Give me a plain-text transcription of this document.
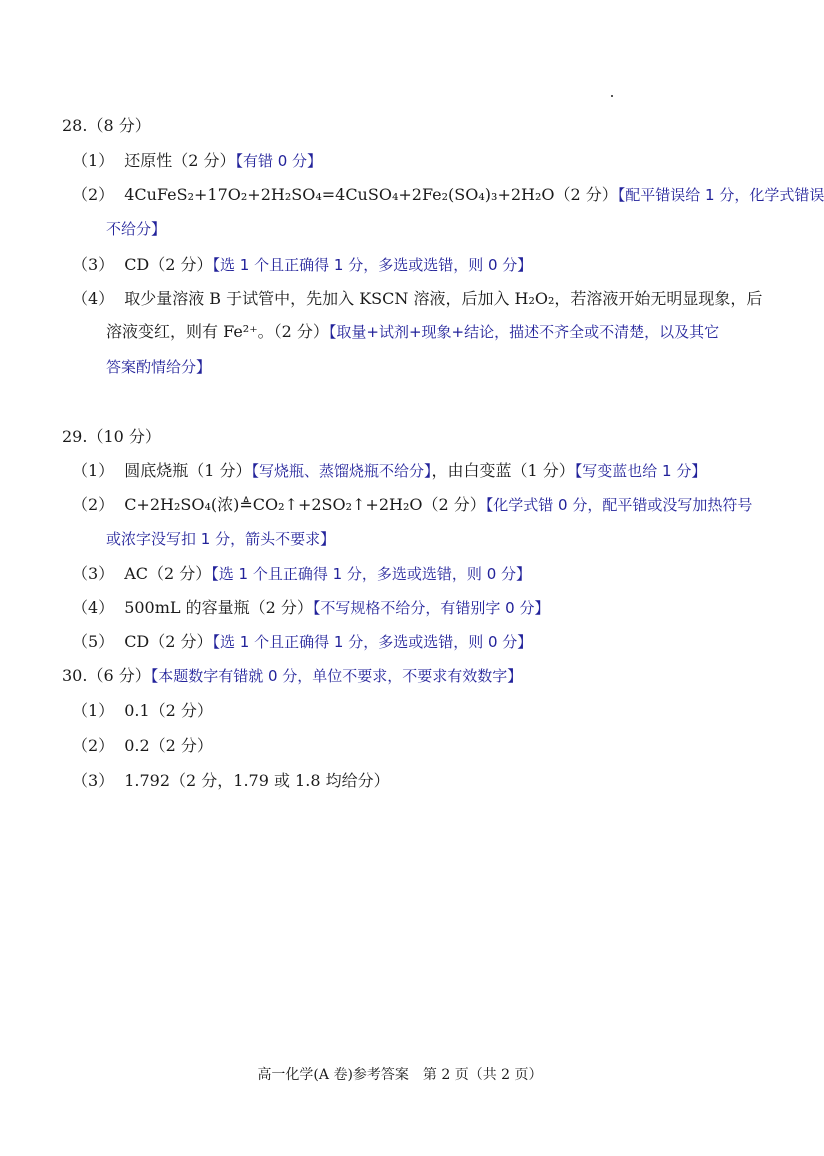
28.（8 分）
（1） 还原性（2 分）【有错 0 分】
（2） 4CuFeS₂+17O₂+2H₂SO₄=4CuSO₄+2Fe₂(SO₄)₃+2H₂O（2 分）【配平错误给 1 分，化学式错误
不给分】
（3） CD（2 分）【选 1 个且正确得 1 分，多选或选错，则 0 分】
（4） 取少量溶液 B 于试管中，先加入 KSCN 溶液，后加入 H₂O₂，若溶液开始无明显现象，后
溶液变红，则有 Fe²⁺。（2 分）【取量+试剂+现象+结论，描述不齐全或不清楚，以及其它
答案酌情给分】
29.（10 分）
（1） 圆底烧瓶（1 分）【写烧瓶、蒸馏烧瓶不给分】，由白变蓝（1 分）【写变蓝也给 1 分】
（2） C+2H₂SO₄(浓)≜CO₂↑+2SO₂↑+2H₂O（2 分）【化学式错 0 分，配平错或没写加热符号
或浓字没写扣 1 分，箭头不要求】
（3） AC（2 分）【选 1 个且正确得 1 分，多选或选错，则 0 分】
（4） 500mL 的容量瓶（2 分）【不写规格不给分，有错别字 0 分】
（5） CD（2 分）【选 1 个且正确得 1 分，多选或选错，则 0 分】
30.（6 分）【本题数字有错就 0 分，单位不要求，不要求有效数字】
（1） 0.1（2 分）
（2） 0.2（2 分）
（3） 1.792（2 分，1.79 或 1.8 均给分）
高一化学(A 卷)参考答案　第 2 页（共 2 页）
